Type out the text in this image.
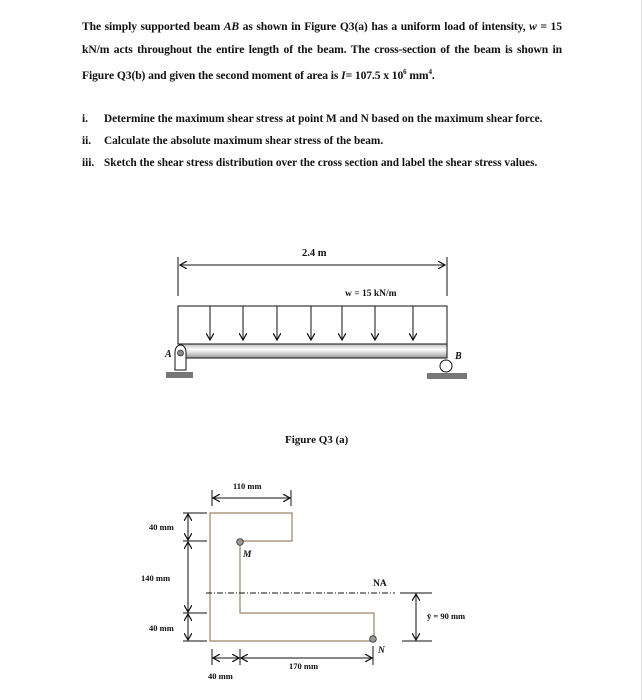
The simply supported beam AB as shown in Figure Q3(a) has a uniform load of intensity, w = 15 kN/m acts throughout the entire length of the beam. The cross-section of the beam is shown in Figure Q3(b) and given the second moment of area is I= 107.5 x $10^6$ $mm^4$.
i.	Determine the maximum shear stress at point M and N based on the maximum shear force.
ii.	Calculate the absolute maximum shear stress of the beam.
iii. Sketch the shear stress distribution over the cross section and label the shear stress values.
2.4 m
w = 15 kN/m
A	B
Figure Q3 (a)
NA
110 mm
40 mm
140 mm
40 mm
40 mm
170 mm
ȳ = 90 mm
M
N
